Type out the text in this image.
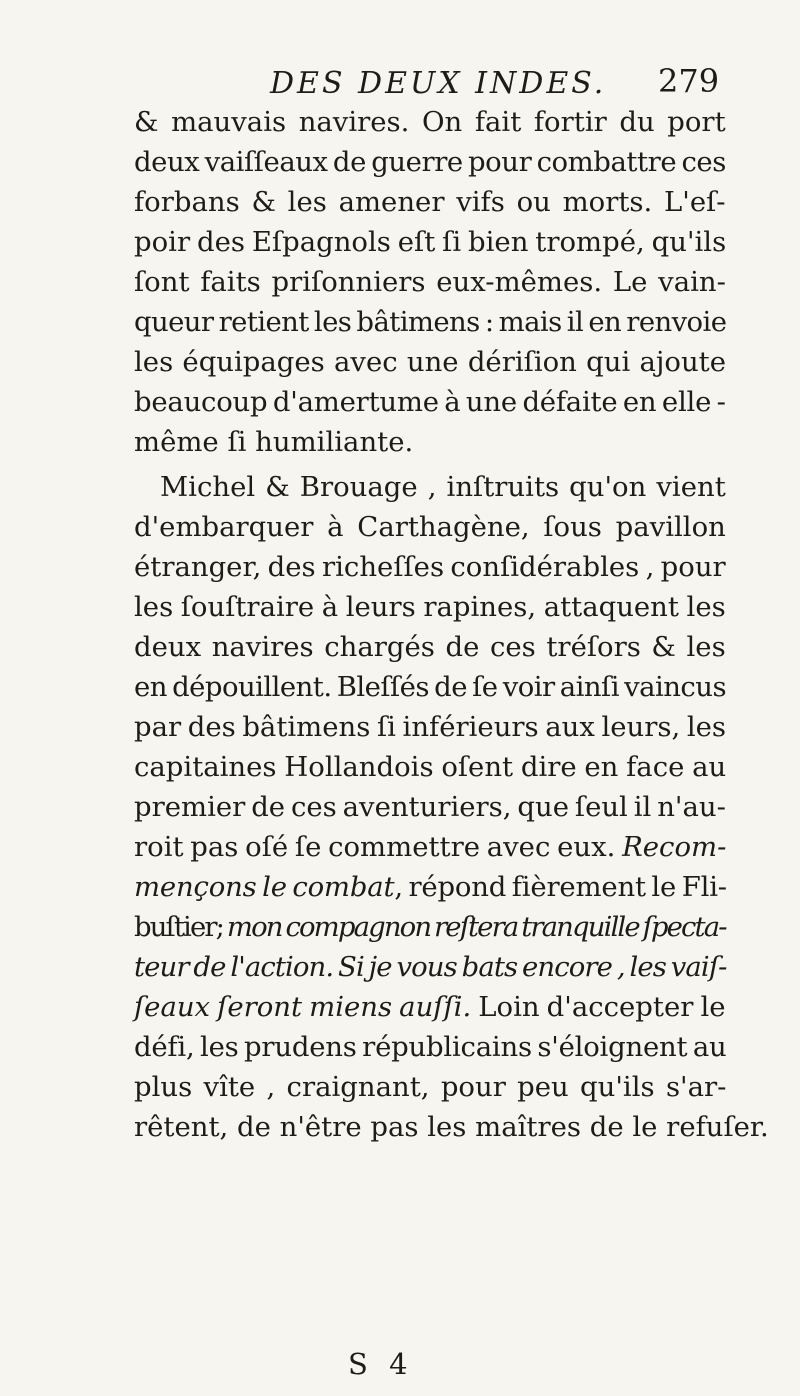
DES DEUX INDES. 279
& mauvais navires. On fait fortir du port
deux vaiſſeaux de guerre pour combattre ces
forbans & les amener vifs ou morts. L'eſ-
poir des Eſpagnols eſt ſi bien trompé, qu'ils
ſont faits priſonniers eux-mêmes. Le vain-
queur retient les bâtimens : mais il en renvoie
les équipages avec une dériſion qui ajoute
beaucoup d'amertume à une défaite en elle -
même ſi humiliante.
Michel & Brouage , inſtruits qu'on vient
d'embarquer à Carthagène, ſous pavillon
étranger, des richeſſes conſidérables , pour
les ſouſtraire à leurs rapines, attaquent les
deux navires chargés de ces tréſors & les
en dépouillent. Bleſſés de ſe voir ainſi vaincus
par des bâtimens ſi inférieurs aux leurs, les
capitaines Hollandois oſent dire en face au
premier de ces aventuriers, que ſeul il n'au-
roit pas oſé ſe commettre avec eux. Recom-
mençons le combat, répond fièrement le Fli-
buſtier; mon compagnon reſtera tranquille ſpecta-
teur de l'action. Si je vous bats encore , les vaiſ-
ſeaux ſeront miens auſſi. Loin d'accepter le
défi, les prudens républicains s'éloignent au
plus vîte , craignant, pour peu qu'ils s'ar-
rêtent, de n'être pas les maîtres de le refuſer.
S 4
